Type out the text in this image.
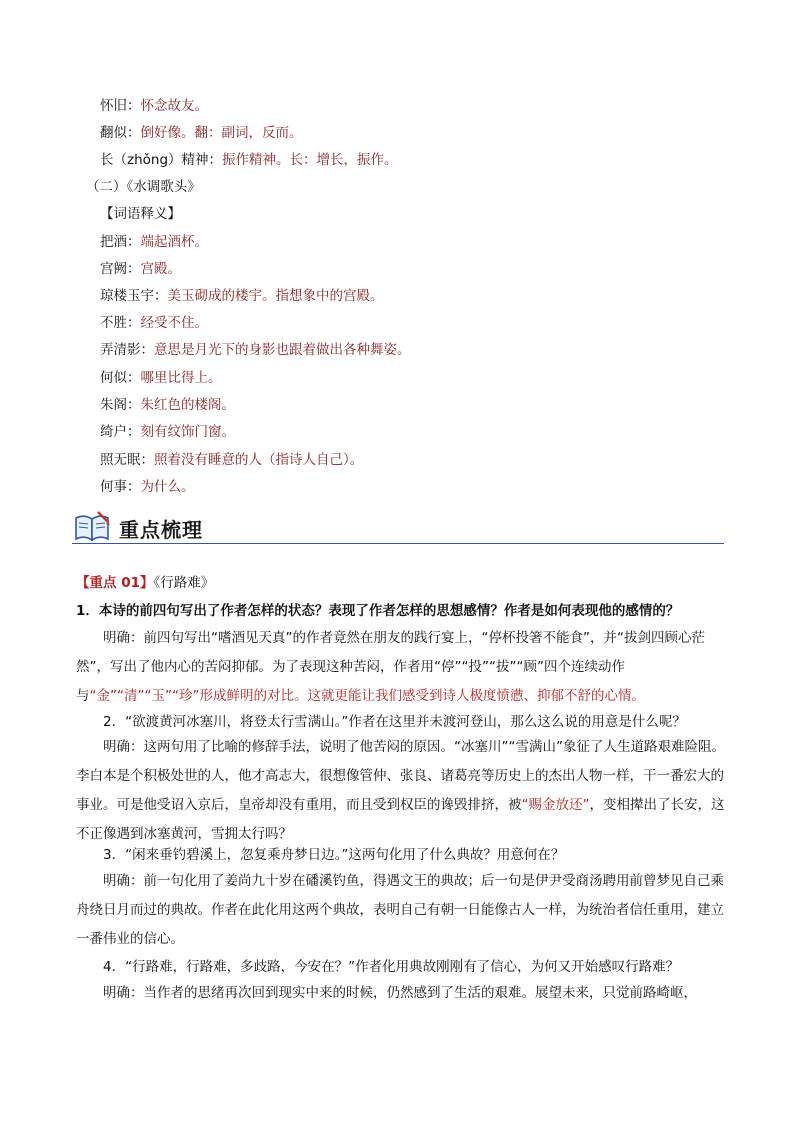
怀旧：怀念故友。
翻似：倒好像。翻：副词，反而。
长（zhǒng）精神：振作精神。长：增长，振作。
（二）《水调歌头》
【词语释义】
把酒：端起酒杯。
宫阙：宫殿。
琼楼玉宇：美玉砌成的楼宇。指想象中的宫殿。
不胜：经受不住。
弄清影：意思是月光下的身影也跟着做出各种舞姿。
何似：哪里比得上。
朱阁：朱红色的楼阁。
绮户：刻有纹饰门窗。
照无眠：照着没有睡意的人（指诗人自己）。
何事：为什么。
重点梳理
【重点 01】《行路难》
1．本诗的前四句写出了作者怎样的状态？表现了作者怎样的思想感情？作者是如何表现他的感情的？
明确：前四句写出“嗜酒见天真”的作者竟然在朋友的践行宴上，“停杯投箸不能食”，并“拔剑四顾心茫然”，写出了他内心的苦闷抑郁。为了表现这种苦闷，作者用“停”“投”“拔”“顾”四个连续动作与“金”“清”“玉”“珍”形成鲜明的对比。这就更能让我们感受到诗人极度愤懑、抑郁不舒的心情。
2．“欲渡黄河冰塞川，将登太行雪满山。”作者在这里并未渡河登山，那么这么说的用意是什么呢？
明确：这两句用了比喻的修辞手法，说明了他苦闷的原因。“冰塞川”“雪满山”象征了人生道路艰难险阻。李白本是个积极处世的人，他才高志大，很想像管仲、张良、诸葛亮等历史上的杰出人物一样，干一番宏大的事业。可是他受诏入京后，皇帝却没有重用，而且受到权臣的谗毁排挤，被“赐金放还”，变相撵出了长安，这不正像遇到冰塞黄河，雪拥太行吗？
3．“闲来垂钓碧溪上，忽复乘舟梦日边。”这两句化用了什么典故？用意何在？
明确：前一句化用了姜尚九十岁在磻溪钓鱼，得遇文王的典故；后一句是伊尹受商汤聘用前曾梦见自己乘舟绕日月而过的典故。作者在此化用这两个典故，表明自己有朝一日能像古人一样，为统治者信任重用，建立一番伟业的信心。
4．“行路难，行路难，多歧路，今安在？”作者化用典故刚刚有了信心，为何又开始感叹行路难？
明确：当作者的思绪再次回到现实中来的时候，仍然感到了生活的艰难。展望未来，只觉前路崎岖，
